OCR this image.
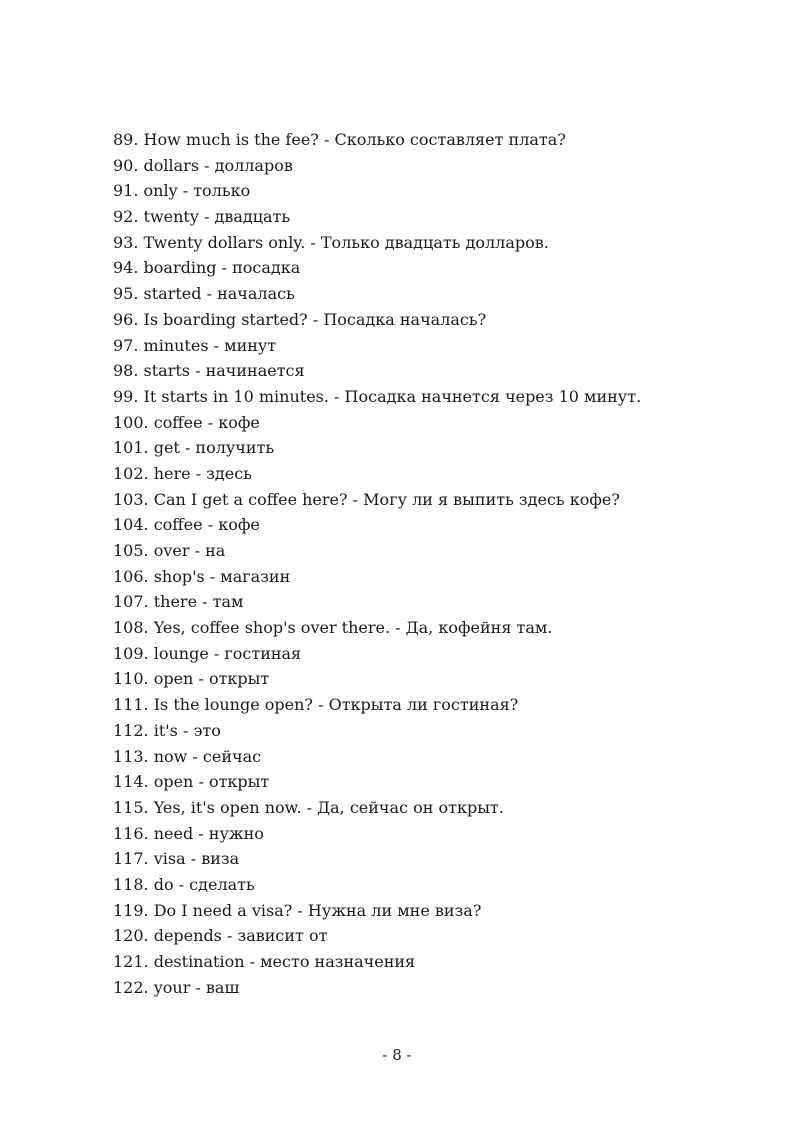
89. How much is the fee? - Сколько составляет плата?
90. dollars - долларов
91. only - только
92. twenty - двадцать
93. Twenty dollars only. - Только двадцать долларов.
94. boarding - посадка
95. started - началась
96. Is boarding started? - Посадка началась?
97. minutes - минут
98. starts - начинается
99. It starts in 10 minutes. - Посадка начнется через 10 минут.
100. coffee - кофе
101. get - получить
102. here - здесь
103. Can I get a coffee here? - Могу ли я выпить здесь кофе?
104. coffee - кофе
105. over - на
106. shop's - магазин
107. there - там
108. Yes, coffee shop's over there. - Да, кофейня там.
109. lounge - гостиная
110. open - открыт
111. Is the lounge open? - Открыта ли гостиная?
112. it's - это
113. now - сейчас
114. open - открыт
115. Yes, it's open now. - Да, сейчас он открыт.
116. need - нужно
117. visa - виза
118. do - сделать
119. Do I need a visa? - Нужна ли мне виза?
120. depends - зависит от
121. destination - место назначения
122. your - ваш
- 8 -
